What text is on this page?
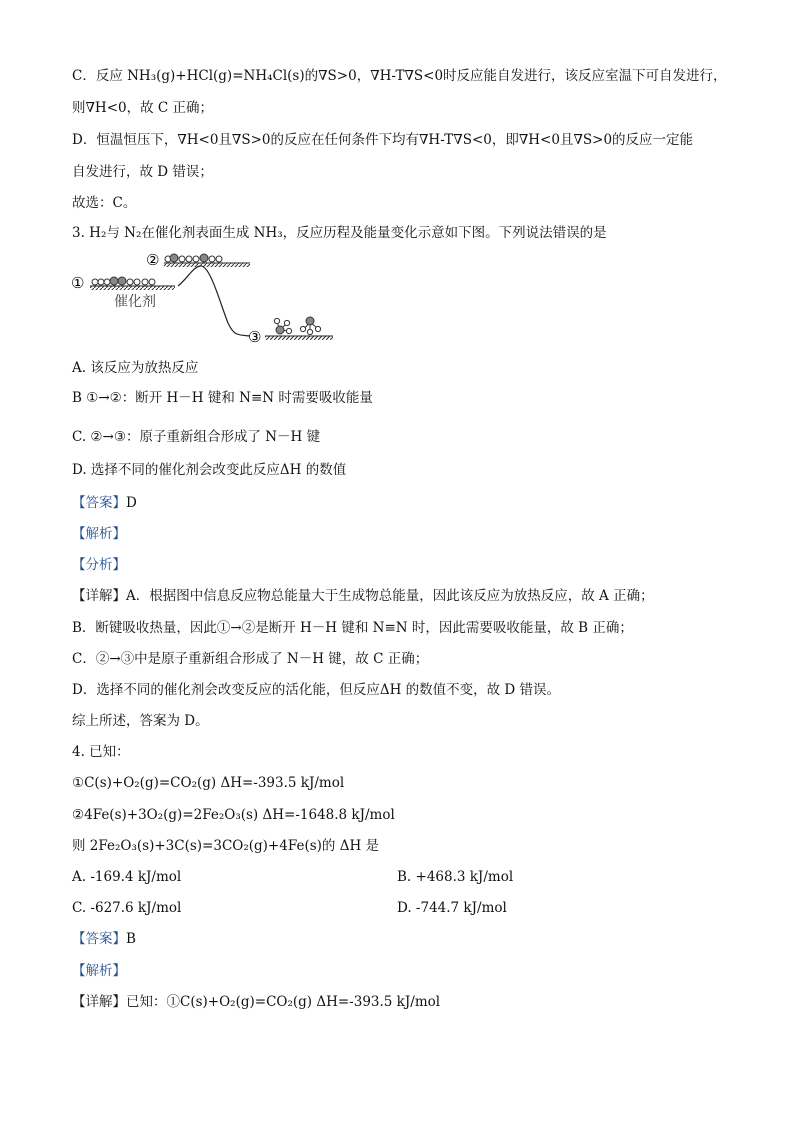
C．反应 NH₃(g)+HCl(g)=NH₄Cl(s)的∇S>0，∇H-T∇S<0时反应能自发进行，该反应室温下可自发进行，
则∇H<0，故 C 正确；
D．恒温恒压下，∇H<0且∇S>0的反应在任何条件下均有∇H-T∇S<0，即∇H<0且∇S>0的反应一定能
自发进行，故 D 错误；
故选：C。
3. H₂与 N₂在催化剂表面生成 NH₃，反应历程及能量变化示意如下图。下列说法错误的是
①
催化剂
②
③
A. 该反应为放热反应
B ①→②：断开 H－H 键和 N≡N 时需要吸收能量
C. ②→③：原子重新组合形成了 N－H 键
D. 选择不同的催化剂会改变此反应ΔH 的数值
【答案】D
【解析】
【分析】
【详解】A．根据图中信息反应物总能量大于生成物总能量，因此该反应为放热反应，故 A 正确；
B．断键吸收热量，因此①→②是断开 H－H 键和 N≡N 时，因此需要吸收能量，故 B 正确；
C．②→③中是原子重新组合形成了 N－H 键，故 C 正确；
D．选择不同的催化剂会改变反应的活化能，但反应ΔH 的数值不变，故 D 错误。
综上所述，答案为 D。
4. 已知：
①C(s)+O₂(g)=CO₂(g) ΔH=-393.5 kJ/mol
②4Fe(s)+3O₂(g)=2Fe₂O₃(s) ΔH=-1648.8 kJ/mol
则 2Fe₂O₃(s)+3C(s)=3CO₂(g)+4Fe(s)的 ΔH 是
A. -169.4 kJ/mol	B. +468.3 kJ/mol
C. -627.6 kJ/mol	D. -744.7 kJ/mol
【答案】B
【解析】
【详解】已知：①C(s)+O₂(g)=CO₂(g) ΔH=-393.5 kJ/mol
